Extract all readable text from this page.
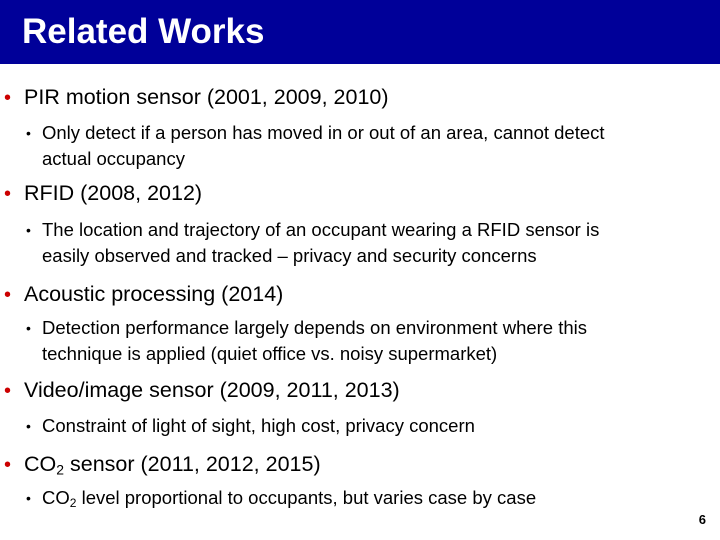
Related Works
• PIR motion sensor (2001, 2009, 2010)
• Only detect if a person has moved in or out of an area, cannot detect
actual occupancy
• RFID (2008, 2012)
• The location and trajectory of an occupant wearing a RFID sensor is
easily observed and tracked – privacy and security concerns
• Acoustic processing (2014)
• Detection performance largely depends on environment where this
technique is applied (quiet office vs. noisy supermarket)
• Video/image sensor (2009, 2011, 2013)
• Constraint of light of sight, high cost, privacy concern
• $CO_2$ sensor (2011, 2012, 2015)
• $CO_2$ level proportional to occupants, but varies case by case
6
